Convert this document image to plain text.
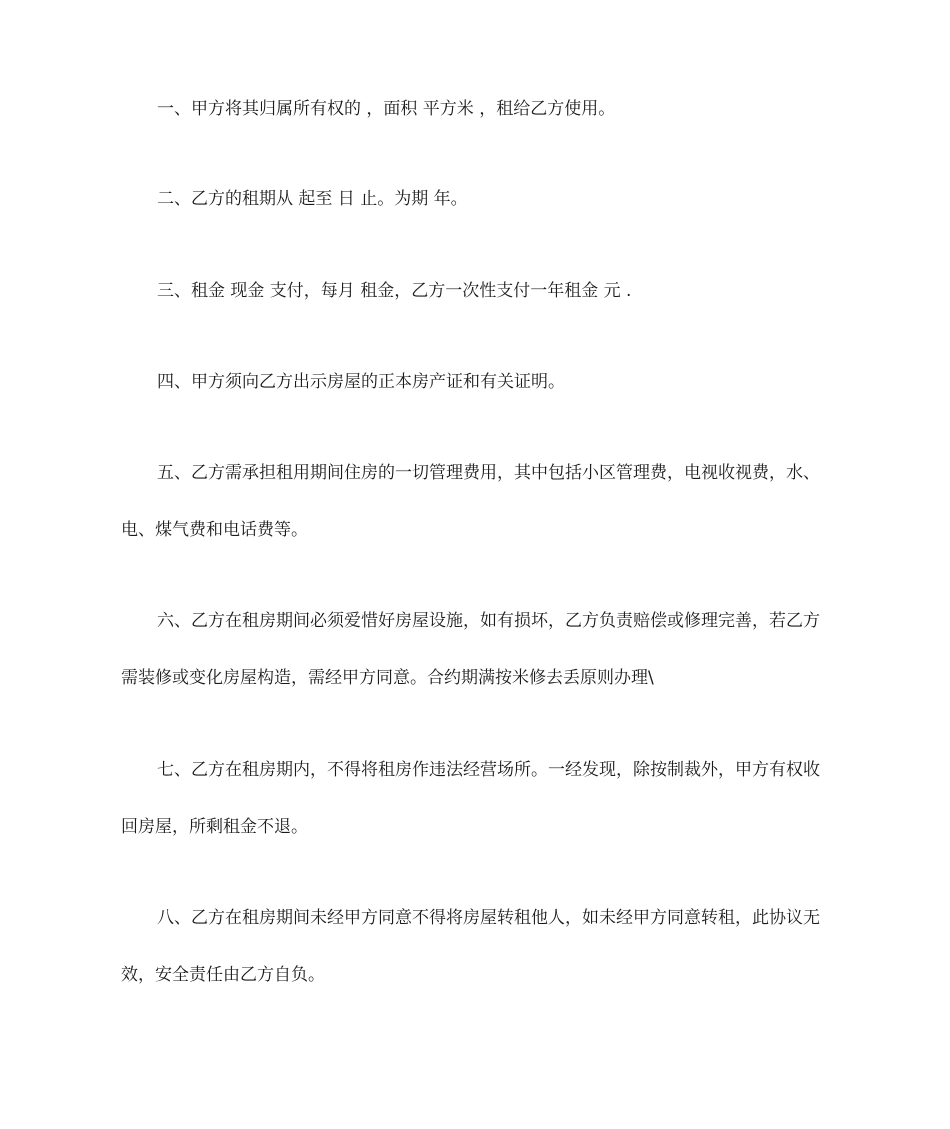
一、甲方将其归属所有权的 ，面积 平方米 ，租给乙方使用。

二、乙方的租期从 起至 日 止。为期 年。

三、租金 现金 支付，每月 租金，乙方一次性支付一年租金 元 .

四、甲方须向乙方出示房屋的正本房产证和有关证明。

五、乙方需承担租用期间住房的一切管理费用，其中包括小区管理费，电视收视费，水、电、煤气费和电话费等。

六、乙方在租房期间必须爱惜好房屋设施，如有损坏，乙方负责赔偿或修理完善，若乙方需装修或变化房屋构造，需经甲方同意。合约期满按米修去丢原则办理\

七、乙方在租房期内，不得将租房作违法经营场所。一经发现，除按制裁外，甲方有权收回房屋，所剩租金不退。

八、乙方在租房期间未经甲方同意不得将房屋转租他人，如未经甲方同意转租，此协议无效，安全责任由乙方自负。
